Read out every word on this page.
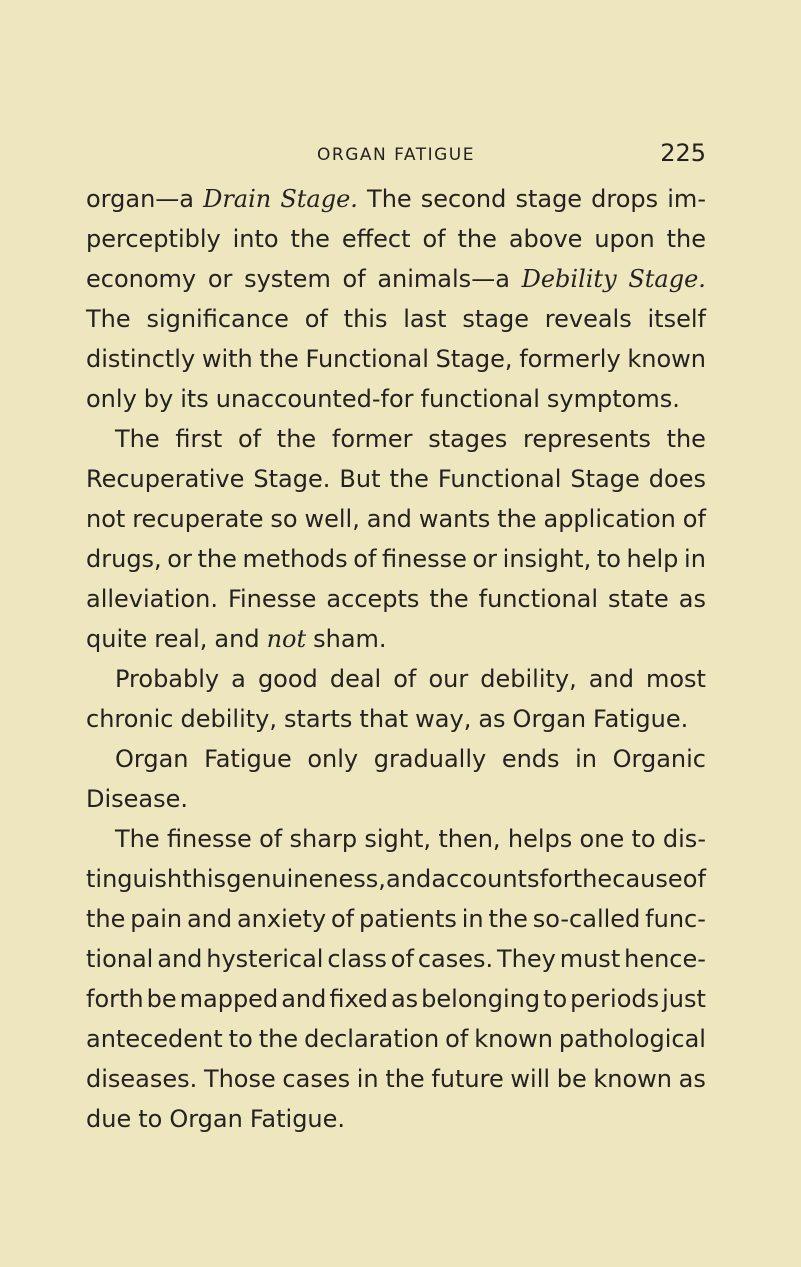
ORGAN FATIGUE	225
organ—a Drain Stage. The second stage drops im-
perceptibly into the effect of the above upon the
economy or system of animals—a Debility Stage.
The significance of this last stage reveals itself
distinctly with the Functional Stage, formerly known
only by its unaccounted-for functional symptoms.
The first of the former stages represents the
Recuperative Stage. But the Functional Stage does
not recuperate so well, and wants the application of
drugs, or the methods of finesse or insight, to help in
alleviation. Finesse accepts the functional state as
quite real, and not sham.
Probably a good deal of our debility, and most
chronic debility, starts that way, as Organ Fatigue.
Organ Fatigue only gradually ends in Organic
Disease.
The finesse of sharp sight, then, helps one to dis-
tinguish this genuineness, and accounts for the cause of
the pain and anxiety of patients in the so-called func-
tional and hysterical class of cases. They must hence-
forth be mapped and fixed as belonging to periods just
antecedent to the declaration of known pathological
diseases. Those cases in the future will be known as
due to Organ Fatigue.
